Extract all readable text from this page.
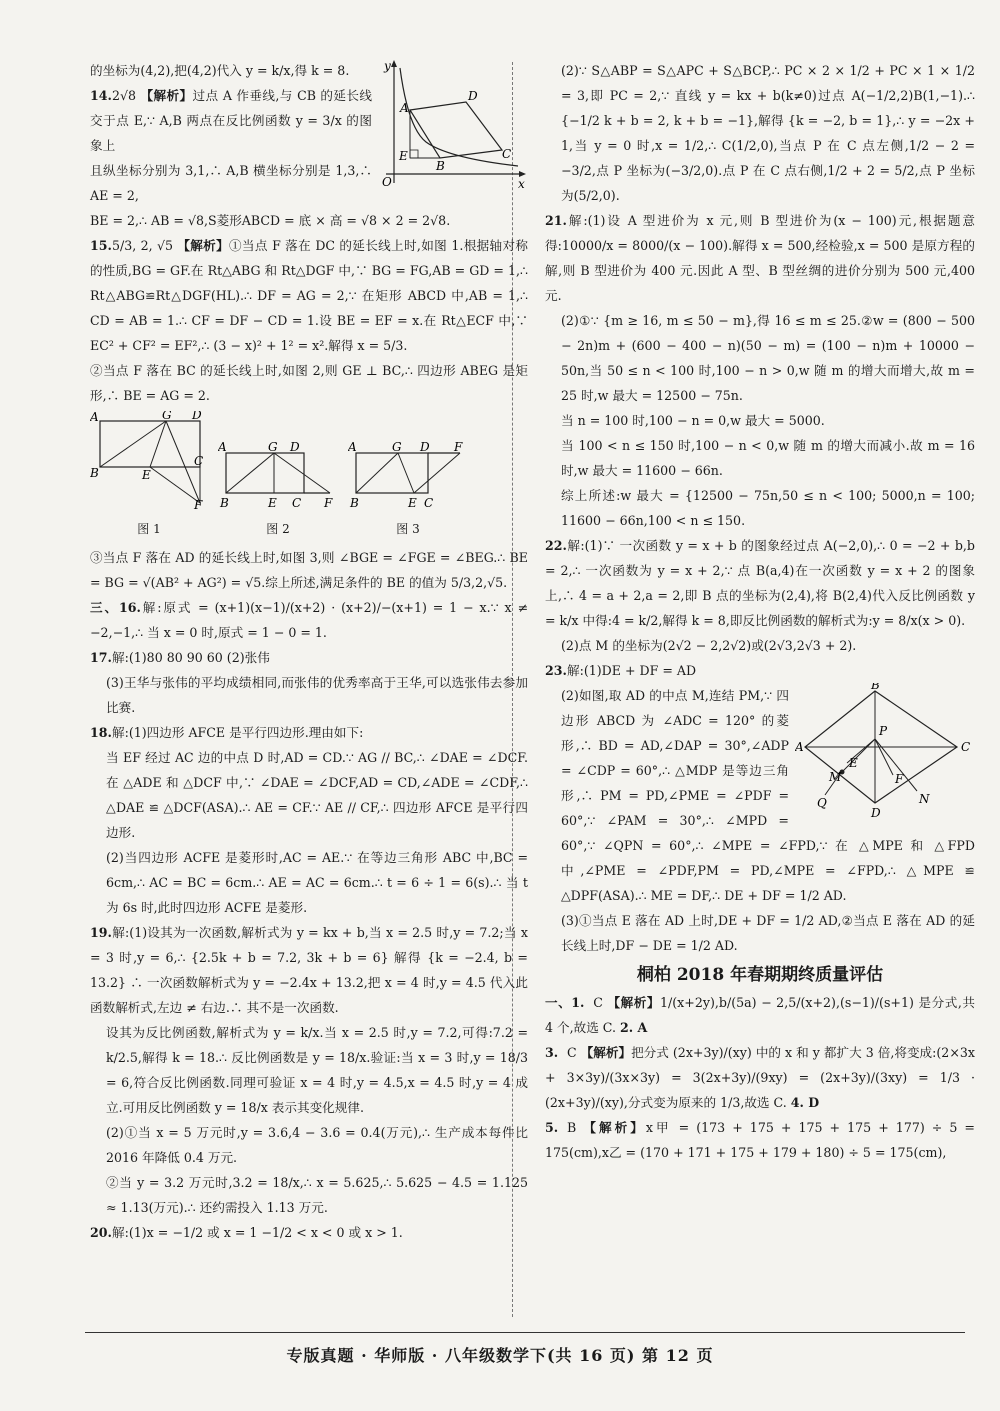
y
D
A
E
B
C
O	x

的坐标为(4,2),把(4,2)代入 y = k/x,得 k = 8.

14.2√8 【解析】过点 A 作垂线,与 CB 的延长线交于点 E,∵ A,B 两点在反比例函数 y = 3/x 的图象上

且纵坐标分别为 3,1,∴ A,B 横坐标分别是 1,3,∴ AE = 2,

BE = 2,∴ AB = √8,S菱形ABCD = 底 × 高 = √8 × 2 = 2√8.

15.5/3, 2, √5 【解析】①当点 F 落在 DC 的延长线上时,如图 1.根据轴对称的性质,BG = GF.在 Rt△ABG 和 Rt△DGF 中,∵ BG = FG,AB = GD = 1,∴ Rt△ABG≌Rt△DGF(HL).∴ DF = AG = 2,∵ 在矩形 ABCD 中,AB = 1,∴ CD = AB = 1.∴ CF = DF − CD = 1.设 BE = EF = x.在 Rt△ECF 中,∵ EC² + CF² = EF²,∴ (3 − x)² + 1² = x².解得 x = 5/3.

②当点 F 落在 BC 的延长线上时,如图 2,则 GE ⊥ BC,∴ 四边形 ABEG 是矩形,∴ BE = AG = 2.

A	G D
C
B	E
F
图 1
A	G D
B	E C F
图 2
A	G D F
B	E C
图 3

③当点 F 落在 AD 的延长线上时,如图 3,则 ∠BGE = ∠FGE = ∠BEG.∴ BE = BG = √(AB² + AG²) = √5.综上所述,满足条件的 BE 的值为 5/3,2,√5.

三、16.解:原式 = (x+1)(x−1)/(x+2) · (x+2)/−(x+1) = 1 − x.∵ x ≠ −2,−1,∴ 当 x = 0 时,原式 = 1 − 0 = 1.

17.解:(1)80 80 90 60 (2)张伟

(3)王华与张伟的平均成绩相同,而张伟的优秀率高于王华,可以选张伟去参加比赛.

18.解:(1)四边形 AFCE 是平行四边形.理由如下:

当 EF 经过 AC 边的中点 D 时,AD = CD.∵ AG // BC,∴ ∠DAE = ∠DCF.在 △ADE 和 △DCF 中,∵ ∠DAE = ∠DCF,AD = CD,∠ADE = ∠CDF,∴ △DAE ≌ △DCF(ASA).∴ AE = CF.∵ AE // CF,∴ 四边形 AFCE 是平行四边形.

(2)当四边形 ACFE 是菱形时,AC = AE.∵ 在等边三角形 ABC 中,BC = 6cm,∴ AC = BC = 6cm.∴ AE = AC = 6cm.∴ t = 6 ÷ 1 = 6(s).∴ 当 t 为 6s 时,此时四边形 ACFE 是菱形.

19.解:(1)设其为一次函数,解析式为 y = kx + b,当 x = 2.5 时,y = 7.2;当 x = 3 时,y = 6,∴ {2.5k + b = 7.2, 3k + b = 6} 解得 {k = −2.4, b = 13.2} ∴ 一次函数解析式为 y = −2.4x + 13.2,把 x = 4 时,y = 4.5 代入此函数解析式,左边 ≠ 右边.∴ 其不是一次函数.

设其为反比例函数,解析式为 y = k/x.当 x = 2.5 时,y = 7.2,可得:7.2 = k/2.5,解得 k = 18.∴ 反比例函数是 y = 18/x.验证:当 x = 3 时,y = 18/3 = 6,符合反比例函数.同理可验证 x = 4 时,y = 4.5,x = 4.5 时,y = 4 成立.可用反比例函数 y = 18/x 表示其变化规律.

(2)①当 x = 5 万元时,y = 3.6,4 − 3.6 = 0.4(万元),∴ 生产成本每件比 2016 年降低 0.4 万元.

②当 y = 3.2 万元时,3.2 = 18/x,∴ x = 5.625,∴ 5.625 − 4.5 = 1.125 ≈ 1.13(万元).∴ 还约需投入 1.13 万元.

20.解:(1)x = −1/2 或 x = 1 −1/2 < x < 0 或 x > 1.

(2)∵ S△ABP = S△APC + S△BCP,∴ PC × 2 × 1/2 + PC × 1 × 1/2 = 3,即 PC = 2,∵ 直线 y = kx + b(k≠0)过点 A(−1/2,2)B(1,−1).∴ {−1/2 k + b = 2, k + b = −1},解得 {k = −2, b = 1},∴ y = −2x + 1,当 y = 0 时,x = 1/2,∴ C(1/2,0),当点 P 在 C 点左侧,1/2 − 2 = −3/2,点 P 坐标为(−3/2,0).点 P 在 C 点右侧,1/2 + 2 = 5/2,点 P 坐标为(5/2,0).

21.解:(1)设 A 型进价为 x 元,则 B 型进价为(x − 100)元,根据题意得:10000/x = 8000/(x − 100).解得 x = 500,经检验,x = 500 是原方程的解,则 B 型进价为 400 元.因此 A 型、B 型丝绸的进价分别为 500 元,400 元.

(2)①∵ {m ≥ 16, m ≤ 50 − m},得 16 ≤ m ≤ 25.②w = (800 − 500 − 2n)m + (600 − 400 − n)(50 − m) = (100 − n)m + 10000 − 50n,当 50 ≤ n < 100 时,100 − n > 0,w 随 m 的增大而增大,故 m = 25 时,w 最大 = 12500 − 75n.

当 n = 100 时,100 − n = 0,w 最大 = 5000.

当 100 < n ≤ 150 时,100 − n < 0,w 随 m 的增大而减小.故 m = 16 时,w 最大 = 11600 − 66n.

综上所述:w 最大 = {12500 − 75n,50 ≤ n < 100; 5000,n = 100; 11600 − 66n,100 < n ≤ 150.

22.解:(1)∵ 一次函数 y = x + b 的图象经过点 A(−2,0),∴ 0 = −2 + b,b = 2,∴ 一次函数为 y = x + 2,∵ 点 B(a,4)在一次函数 y = x + 2 的图象上,∴ 4 = a + 2,a = 2,即 B 点的坐标为(2,4),将 B(2,4)代入反比例函数 y = k/x 中得:4 = k/2,解得 k = 8,即反比例函数的解析式为:y = 8/x(x > 0).

(2)点 M 的坐标为(2√2 − 2,2√2)或(2√3,2√3 + 2).

23.解:(1)DE + DF = AD

B
P
A	C
E
M
D
F
Q	N

(2)如图,取 AD 的中点 M,连结 PM,∵ 四边形 ABCD 为 ∠ADC = 120° 的菱形,∴ BD = AD,∠DAP = 30°,∠ADP = ∠CDP = 60°,∴ △MDP 是等边三角形,∴ PM = PD,∠PME = ∠PDF = 60°,∵ ∠PAM = 30°,∴ ∠MPD = 60°,∵ ∠QPN = 60°,∴ ∠MPE = ∠FPD,∵ 在 △MPE 和 △FPD 中,∠PME = ∠PDF,PM = PD,∠MPE = ∠FPD,∴ △MPE ≌ △DPF(ASA).∴ ME = DF,∴ DE + DF = 1/2 AD.

(3)①当点 E 落在 AD 上时,DE + DF = 1/2 AD,②当点 E 落在 AD 的延长线上时,DF − DE = 1/2 AD.

桐柏 2018 年春期期终质量评估

一、1. C 【解析】1/(x+2y),b/(5a) − 2,5/(x+2),(s−1)/(s+1) 是分式,共 4 个,故选 C. 2. A

3. C 【解析】把分式 (2x+3y)/(xy) 中的 x 和 y 都扩大 3 倍,将变成:(2×3x + 3×3y)/(3x×3y) = 3(2x+3y)/(9xy) = (2x+3y)/(3xy) = 1/3 · (2x+3y)/(xy),分式变为原来的 1/3,故选 C. 4. D

5. B 【解析】x甲 = (173 + 175 + 175 + 175 + 177) ÷ 5 = 175(cm),x乙 = (170 + 171 + 175 + 179 + 180) ÷ 5 = 175(cm),

专版真题 · 华师版 · 八年级数学下(共 16 页) 第 12 页
